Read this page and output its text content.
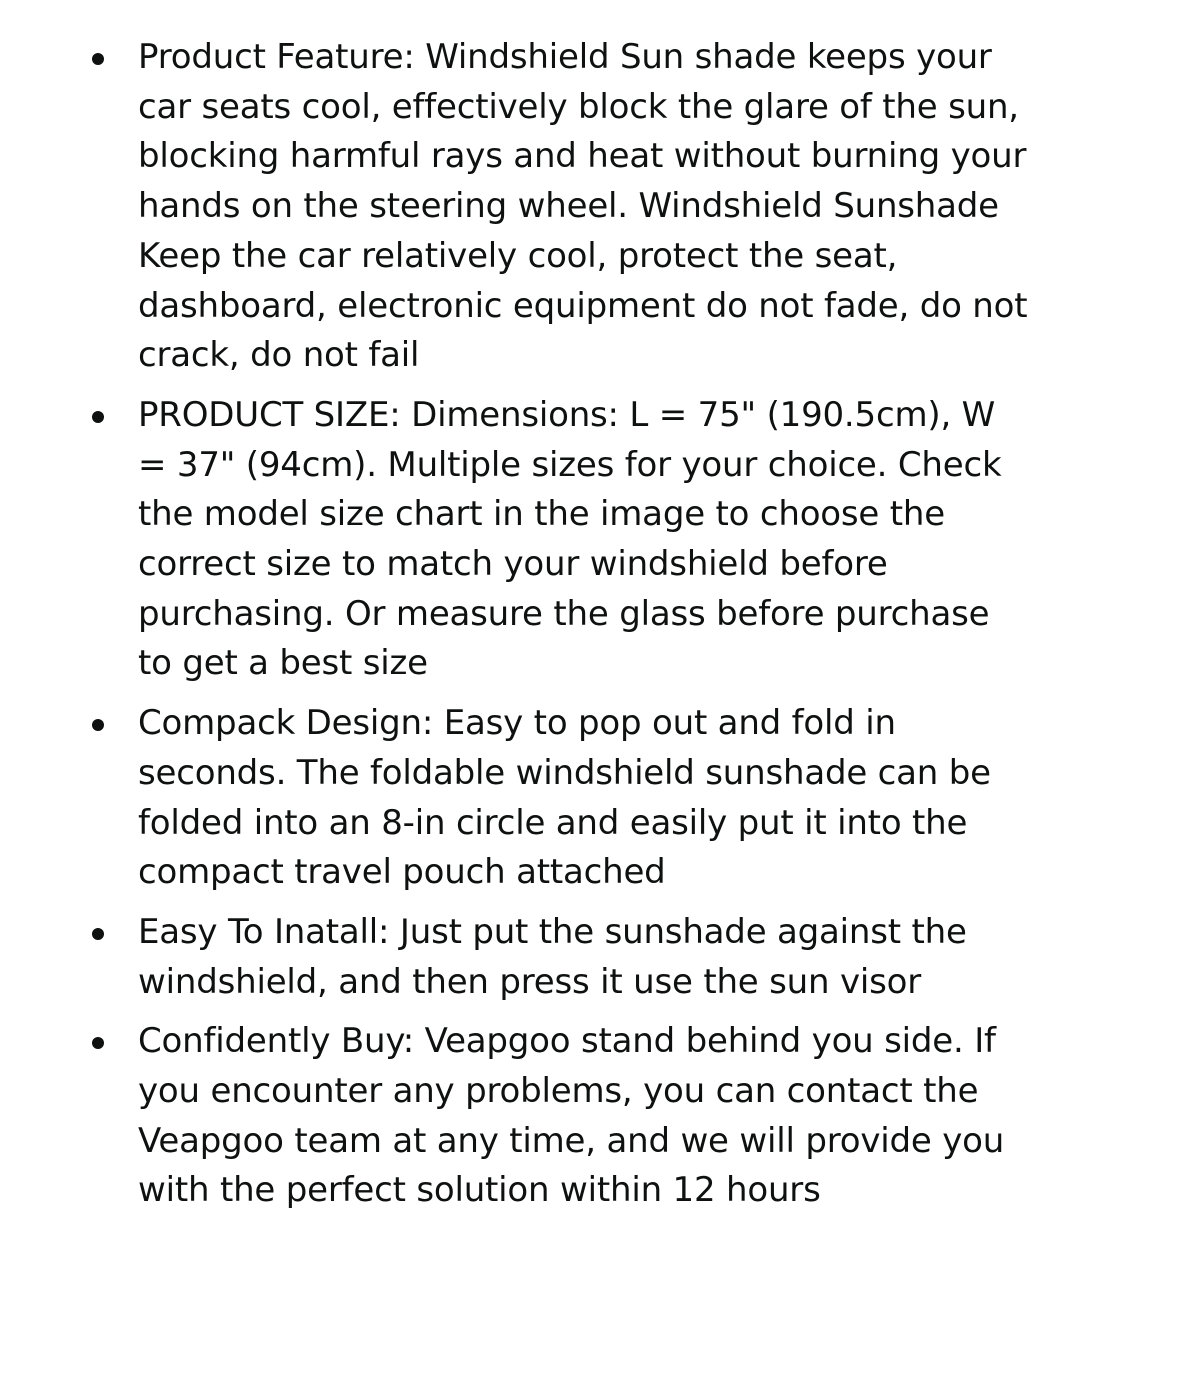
Product Feature: Windshield Sun shade keeps your car seats cool, effectively block the glare of the sun, blocking harmful rays and heat without burning your hands on the steering wheel. Windshield Sunshade Keep the car relatively cool, protect the seat, dashboard, electronic equipment do not fade, do not crack, do not fail
PRODUCT SIZE: Dimensions: L = 75" (190.5cm), W = 37" (94cm). Multiple sizes for your choice. Check the model size chart in the image to choose the correct size to match your windshield before purchasing. Or measure the glass before purchase to get a best size
Compack Design: Easy to pop out and fold in seconds. The foldable windshield sunshade can be folded into an 8-in circle and easily put it into the compact travel pouch attached
Easy To Inatall: Just put the sunshade against the windshield, and then press it use the sun visor
Confidently Buy: Veapgoo stand behind you side. If you encounter any problems, you can contact the Veapgoo team at any time, and we will provide you with the perfect solution within 12 hours
